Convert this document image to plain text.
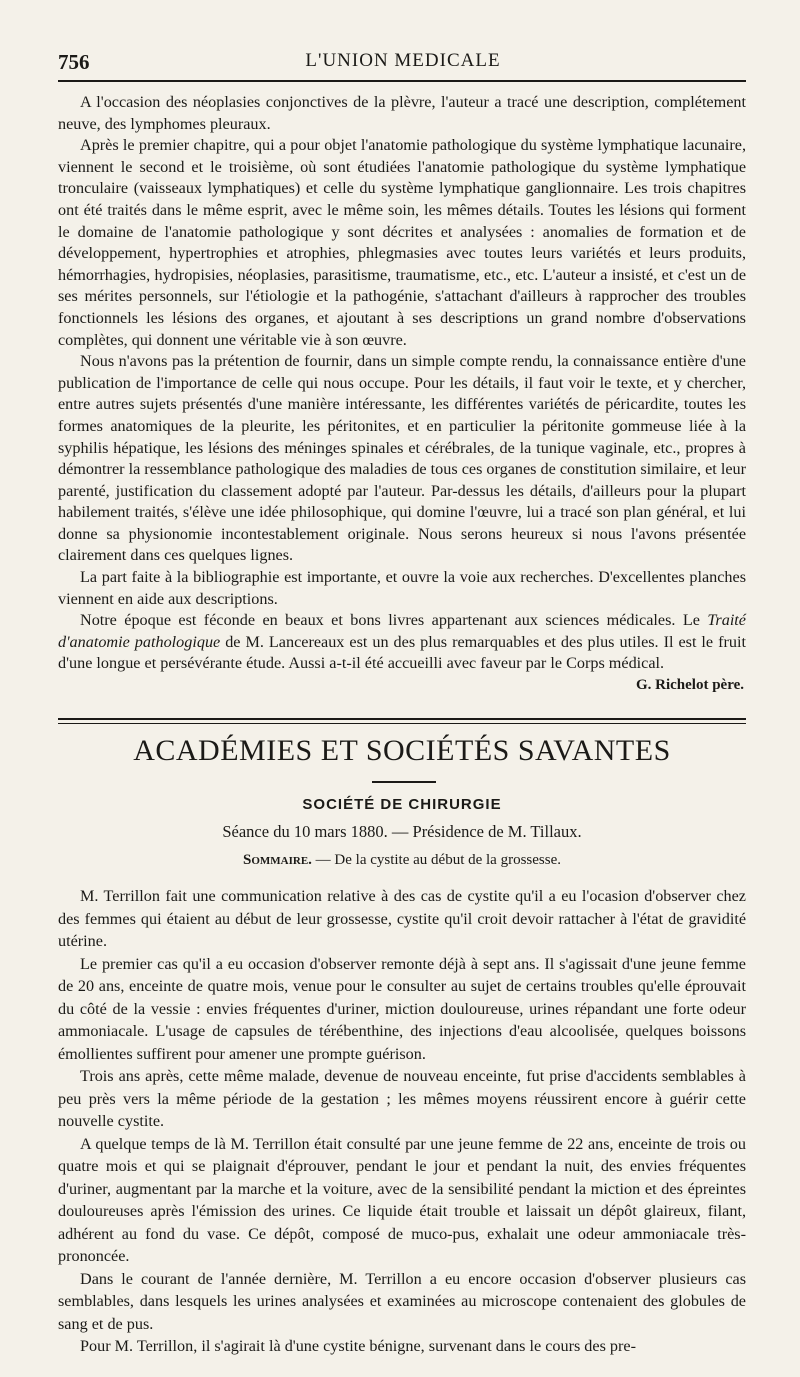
756	L'UNION MEDICALE

A l'occasion des néoplasies conjonctives de la plèvre, l'auteur a tracé une description, complétement neuve, des lymphomes pleuraux.

Après le premier chapitre, qui a pour objet l'anatomie pathologique du système lymphatique lacunaire, viennent le second et le troisième, où sont étudiées l'anatomie pathologique du système lymphatique tronculaire (vaisseaux lymphatiques) et celle du système lymphatique ganglionnaire. Les trois chapitres ont été traités dans le même esprit, avec le même soin, les mêmes détails. Toutes les lésions qui forment le domaine de l'anatomie pathologique y sont décrites et analysées : anomalies de formation et de développement, hypertrophies et atrophies, phlegmasies avec toutes leurs variétés et leurs produits, hémorrhagies, hydropisies, néoplasies, parasitisme, traumatisme, etc., etc. L'auteur a insisté, et c'est un de ses mérites personnels, sur l'étiologie et la pathogénie, s'attachant d'ailleurs à rapprocher des troubles fonctionnels les lésions des organes, et ajoutant à ses descriptions un grand nombre d'observations complètes, qui donnent une véritable vie à son œuvre.

Nous n'avons pas la prétention de fournir, dans un simple compte rendu, la connaissance entière d'une publication de l'importance de celle qui nous occupe. Pour les détails, il faut voir le texte, et y chercher, entre autres sujets présentés d'une manière intéressante, les différentes variétés de péricardite, toutes les formes anatomiques de la pleurite, les péritonites, et en particulier la péritonite gommeuse liée à la syphilis hépatique, les lésions des méninges spinales et cérébrales, de la tunique vaginale, etc., propres à démontrer la ressemblance pathologique des maladies de tous ces organes de constitution similaire, et leur parenté, justification du classement adopté par l'auteur. Par-dessus les détails, d'ailleurs pour la plupart habilement traités, s'élève une idée philosophique, qui domine l'œuvre, lui a tracé son plan général, et lui donne sa physionomie incontestablement originale. Nous serons heureux si nous l'avons présentée clairement dans ces quelques lignes.

La part faite à la bibliographie est importante, et ouvre la voie aux recherches. D'excellentes planches viennent en aide aux descriptions.

Notre époque est féconde en beaux et bons livres appartenant aux sciences médicales. Le Traité d'anatomie pathologique de M. Lancereaux est un des plus remarquables et des plus utiles. Il est le fruit d'une longue et persévérante étude. Aussi a-t-il été accueilli avec faveur par le Corps médical.

G. Richelot père.
ACADÉMIES ET SOCIÉTÉS SAVANTES
SOCIÉTÉ DE CHIRURGIE
Séance du 10 mars 1880. — Présidence de M. Tillaux.
Sommaire. — De la cystite au début de la grossesse.

M. Terrillon fait une communication relative à des cas de cystite qu'il a eu l'ocasion d'observer chez des femmes qui étaient au début de leur grossesse, cystite qu'il croit devoir rattacher à l'état de gravidité utérine.

Le premier cas qu'il a eu occasion d'observer remonte déjà à sept ans. Il s'agissait d'une jeune femme de 20 ans, enceinte de quatre mois, venue pour le consulter au sujet de certains troubles qu'elle éprouvait du côté de la vessie : envies fréquentes d'uriner, miction douloureuse, urines répandant une forte odeur ammoniacale. L'usage de capsules de térébenthine, des injections d'eau alcoolisée, quelques boissons émollientes suffirent pour amener une prompte guérison.

Trois ans après, cette même malade, devenue de nouveau enceinte, fut prise d'accidents semblables à peu près vers la même période de la gestation ; les mêmes moyens réussirent encore à guérir cette nouvelle cystite.

A quelque temps de là M. Terrillon était consulté par une jeune femme de 22 ans, enceinte de trois ou quatre mois et qui se plaignait d'éprouver, pendant le jour et pendant la nuit, des envies fréquentes d'uriner, augmentant par la marche et la voiture, avec de la sensibilité pendant la miction et des épreintes douloureuses après l'émission des urines. Ce liquide était trouble et laissait un dépôt glaireux, filant, adhérent au fond du vase. Ce dépôt, composé de muco-pus, exhalait une odeur ammoniacale très-prononcée.

Dans le courant de l'année dernière, M. Terrillon a eu encore occasion d'observer plusieurs cas semblables, dans lesquels les urines analysées et examinées au microscope contenaient des globules de sang et de pus.

Pour M. Terrillon, il s'agirait là d'une cystite bénigne, survenant dans le cours des pre-
